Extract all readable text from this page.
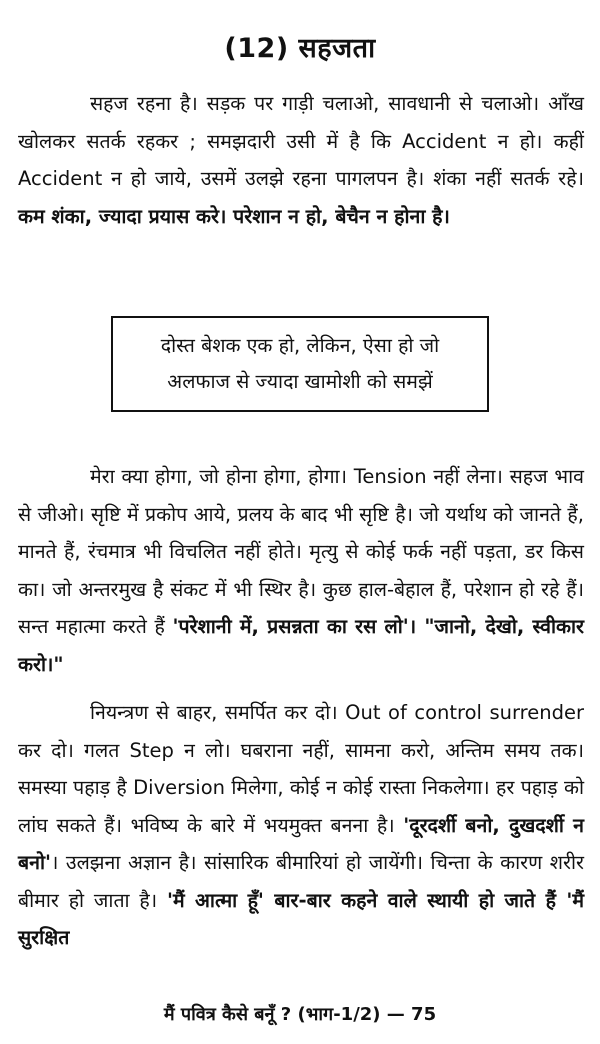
(12) सहजता

सहज रहना है। सड़क पर गाड़ी चलाओ, सावधानी से चलाओ। आँख खोलकर सतर्क रहकर ; समझदारी उसी में है कि Accident न हो। कहीं Accident न हो जाये, उसमें उलझे रहना पागलपन है। शंका नहीं सतर्क रहे। कम शंका, ज्यादा प्रयास करे। परेशान न हो, बेचैन न होना है।

दोस्त बेशक एक हो, लेकिन, ऐसा हो जो
अलफाज से ज्यादा खामोशी को समझें

मेरा क्या होगा, जो होना होगा, होगा। Tension नहीं लेना। सहज भाव से जीओ। सृष्टि में प्रकोप आये, प्रलय के बाद भी सृष्टि है। जो यर्थाथ को जानते हैं, मानते हैं, रंचमात्र भी विचलित नहीं होते। मृत्यु से कोई फर्क नहीं पड़ता, डर किस का। जो अन्तरमुख है संकट में भी स्थिर है। कुछ हाल-बेहाल हैं, परेशान हो रहे हैं। सन्त महात्मा करते हैं 'परेशानी में, प्रसन्नता का रस लो'। "जानो, देखो, स्वीकार करो।"

नियन्त्रण से बाहर, समर्पित कर दो। Out of control surrender कर दो। गलत Step न लो। घबराना नहीं, सामना करो, अन्तिम समय तक। समस्या पहाड़ है Diversion मिलेगा, कोई न कोई रास्ता निकलेगा। हर पहाड़ को लांघ सकते हैं। भविष्य के बारे में भयमुक्त बनना है। 'दूरदर्शी बनो, दुखदर्शी न बनो'। उलझना अज्ञान है। सांसारिक बीमारियां हो जायेंगी। चिन्ता के कारण शरीर बीमार हो जाता है। 'मैं आत्मा हूँ' बार-बार कहने वाले स्थायी हो जाते हैं 'मैं सुरक्षित

मैं पवित्र कैसे बनूँ ? (भाग-1/2) — 75
